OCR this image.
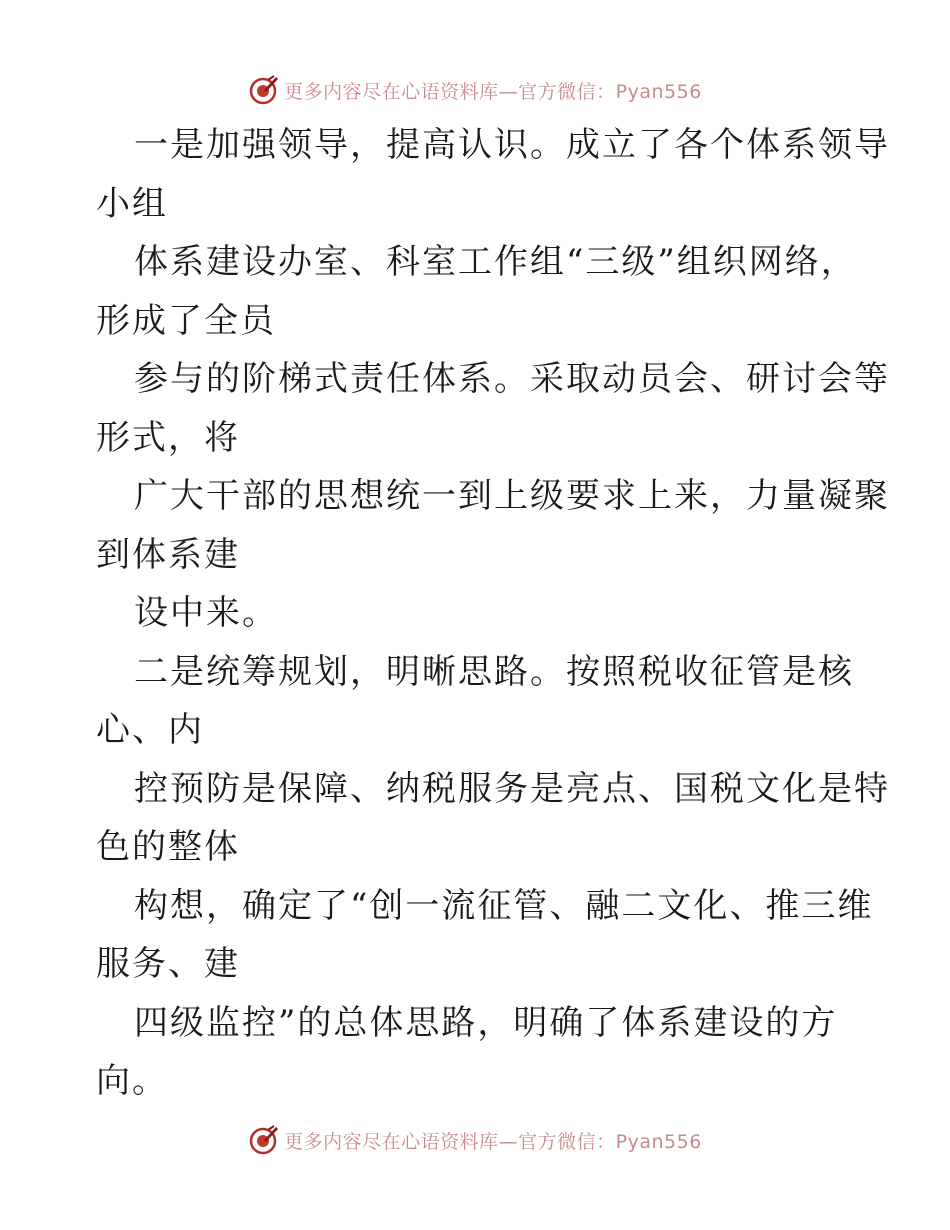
更多内容尽在心语资料库—官方微信：Pyan556
一是加强领导，提高认识。成立了各个体系领导
小组
体系建设办室、科室工作组“三级”组织网络，
形成了全员
参与的阶梯式责任体系。采取动员会、研讨会等
形式，将
广大干部的思想统一到上级要求上来，力量凝聚
到体系建
设中来。
二是统筹规划，明晰思路。按照税收征管是核
心、内
控预防是保障、纳税服务是亮点、国税文化是特
色的整体
构想，确定了“创一流征管、融二文化、推三维
服务、建
四级监控”的总体思路，明确了体系建设的方
向。
更多内容尽在心语资料库—官方微信：Pyan556
